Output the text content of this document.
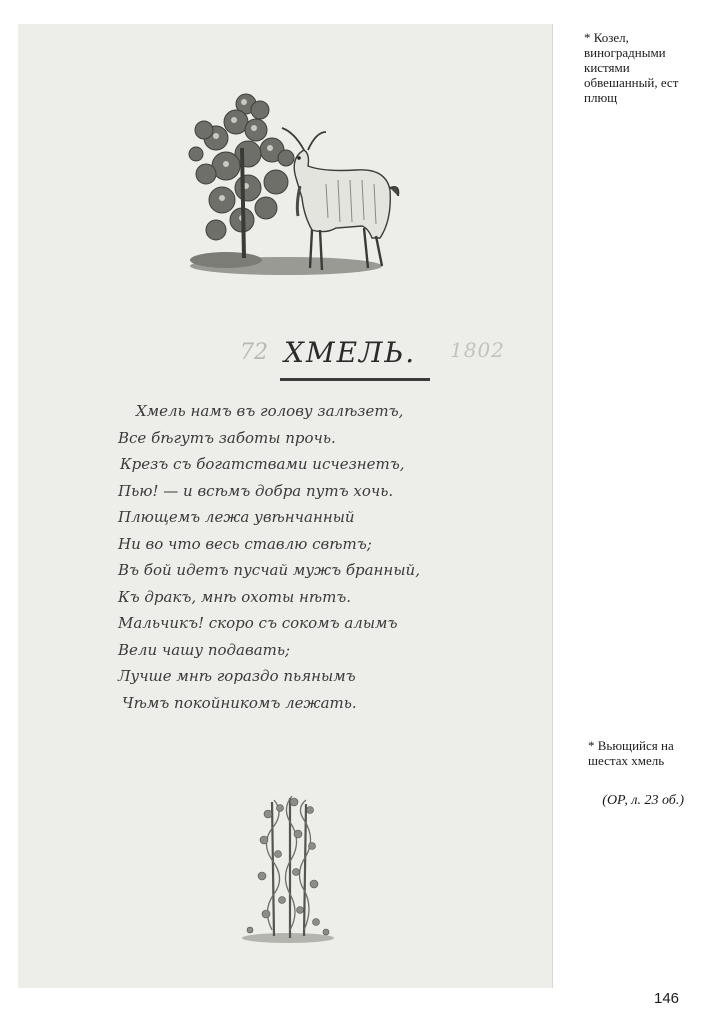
* Козел, виноградными кистями обвешанный, ест плющ
72 ХМЕЛЬ. 1802
Хмель намъ въ голову залѣзетъ,
Все бѣгутъ заботы прочь.
Крезъ съ богатствами исчезнетъ,
Пью! — и всѣмъ добра путъ хочь.
Плющемъ лежа увѣнчанный
Ни во что весь ставлю свѣтъ;
Въ бой идетъ пусчай мужъ бранный,
Къ дракъ, мнѣ охоты нѣтъ.
Мальчикъ! скоро съ сокомъ алымъ
Вели чашу подавать;
Лучше мнѣ гораздо пьянымъ
Чѣмъ покойникомъ лежать.
* Вьющийся на шестах хмель
(ОР, л. 23 об.)
146
